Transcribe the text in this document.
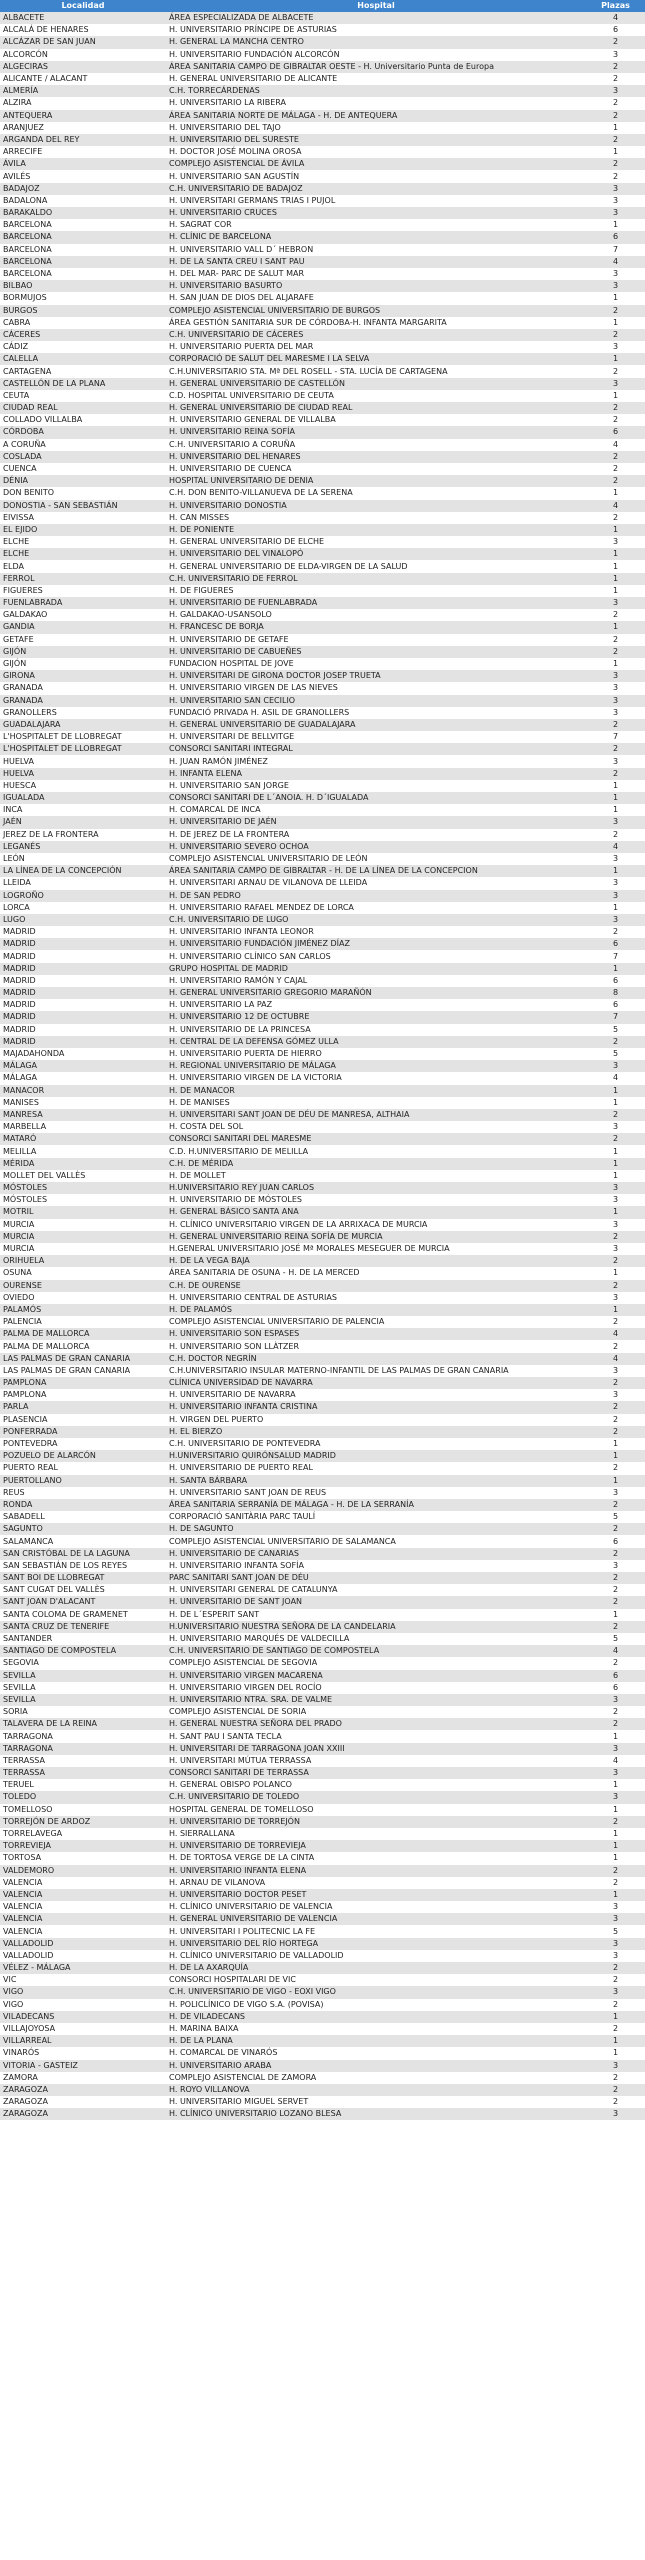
Localidad	Hospital	Plazas
ALBACETE	ÁREA ESPECIALIZADA DE ALBACETE	4
ALCALÁ DE HENARES	H. UNIVERSITARIO PRÍNCIPE DE ASTURIAS	6
ALCÁZAR DE SAN JUAN	H. GENERAL LA MANCHA CENTRO	2
ALCORCÓN	H. UNIVERSITARIO FUNDACIÓN ALCORCÓN	3
ALGECIRAS	ÁREA SANITARIA CAMPO DE GIBRALTAR OESTE - H. Universitario Punta de Europa	2
ALICANTE / ALACANT	H. GENERAL UNIVERSITARIO DE ALICANTE	2
ALMERÍA	C.H. TORRECÁRDENAS	3
ALZIRA	H. UNIVERSITARIO LA RIBERA	2
ANTEQUERA	ÁREA SANITARIA NORTE DE MÁLAGA - H. DE ANTEQUERA	2
ARANJUEZ	H. UNIVERSITARIO DEL TAJO	1
ARGANDA DEL REY	H. UNIVERSITARIO DEL SURESTE	2
ARRECIFE	H. DOCTOR JOSÉ MOLINA OROSA	1
ÁVILA	COMPLEJO ASISTENCIAL DE ÁVILA	2
AVILÉS	H. UNIVERSITARIO SAN AGUSTÍN	2
BADAJOZ	C.H. UNIVERSITARIO DE BADAJOZ	3
BADALONA	H. UNIVERSITARI GERMANS TRIAS I PUJOL	3
BARAKALDO	H. UNIVERSITARIO CRUCES	3
BARCELONA	H. SAGRAT COR	1
BARCELONA	H. CLÍNIC DE BARCELONA	6
BARCELONA	H. UNIVERSITARIO VALL D´ HEBRON	7
BARCELONA	H. DE LA SANTA CREU I SANT PAU	4
BARCELONA	H. DEL MAR- PARC DE SALUT MAR	3
BILBAO	H. UNIVERSITARIO BASURTO	3
BORMUJOS	H. SAN JUAN DE DIOS DEL ALJARAFE	1
BURGOS	COMPLEJO ASISTENCIAL UNIVERSITARIO DE BURGOS	2
CABRA	ÁREA GESTIÓN SANITARIA SUR DE CÓRDOBA-H. INFANTA MARGARITA	1
CÁCERES	C.H. UNIVERSITARIO DE CÁCERES	2
CÁDIZ	H. UNIVERSITARIO PUERTA DEL MAR	3
CALELLA	CORPORACIÓ DE SALUT DEL MARESME I LA SELVA	1
CARTAGENA	C.H.UNIVERSITARIO STA. Mª DEL ROSELL - STA. LUCÍA DE CARTAGENA	2
CASTELLÓN DE LA PLANA	H. GENERAL UNIVERSITARIO DE CASTELLÓN	3
CEUTA	C.D. HOSPITAL UNIVERSITARIO DE CEUTA	1
CIUDAD REAL	H. GENERAL UNIVERSITARIO DE CIUDAD REAL	2
COLLADO VILLALBA	H. UNIVERSITARIO GENERAL DE VILLALBA	2
CÓRDOBA	H. UNIVERSITARIO REINA SOFÍA	6
A CORUÑA	C.H. UNIVERSITARIO A CORUÑA	4
COSLADA	H. UNIVERSITARIO DEL HENARES	2
CUENCA	H. UNIVERSITARIO DE CUENCA	2
DÉNIA	HOSPITAL UNIVERSITARIO DE DENIA	2
DON BENITO	C.H. DON BENITO-VILLANUEVA DE LA SERENA	1
DONOSTIA - SAN SEBASTIÁN	H. UNIVERSITARIO DONOSTIA	4
EIVISSA	H. CAN MISSES	2
EL EJIDO	H. DE PONIENTE	1
ELCHE	H. GENERAL UNIVERSITARIO DE ELCHE	3
ELCHE	H. UNIVERSITARIO DEL VINALOPÓ	1
ELDA	H. GENERAL UNIVERSITARIO DE ELDA-VIRGEN DE LA SALUD	1
FERROL	C.H. UNIVERSITARIO DE FERROL	1
FIGUERES	H. DE FIGUERES	1
FUENLABRADA	H. UNIVERSITARIO DE FUENLABRADA	3
GALDAKAO	H. GALDAKAO-USANSOLO	2
GANDIA	H. FRANCESC DE BORJA	1
GETAFE	H. UNIVERSITARIO DE GETAFE	2
GIJÓN	H. UNIVERSITARIO DE CABUEÑES	2
GIJÓN	FUNDACION HOSPITAL DE JOVE	1
GIRONA	H. UNIVERSITARI DE GIRONA DOCTOR JOSEP TRUETA	3
GRANADA	H. UNIVERSITARIO VIRGEN DE LAS NIEVES	3
GRANADA	H. UNIVERSITARIO SAN CECILIO	3
GRANOLLERS	FUNDACIÓ PRIVADA H. ASIL DE GRANOLLERS	3
GUADALAJARA	H. GENERAL UNIVERSITARIO DE GUADALAJARA	2
L'HOSPITALET DE LLOBREGAT	H. UNIVERSITARI DE BELLVITGE	7
L'HOSPITALET DE LLOBREGAT	CONSORCI SANITARI INTEGRAL	2
HUELVA	H. JUAN RAMÓN JIMÉNEZ	3
HUELVA	H. INFANTA ELENA	2
HUESCA	H. UNIVERSITARIO SAN JORGE	1
IGUALADA	CONSORCI SANITARI DE L´ANOIA. H. D´IGUALADA	1
INCA	H. COMARCAL DE INCA	1
JAÉN	H. UNIVERSITARIO DE JAÉN	3
JEREZ DE LA FRONTERA	H. DE JEREZ DE LA FRONTERA	2
LEGANÉS	H. UNIVERSITARIO SEVERO OCHOA	4
LEÓN	COMPLEJO ASISTENCIAL UNIVERSITARIO DE LEÓN	3
LA LÍNEA DE LA CONCEPCIÓN	ÁREA SANITARIA CAMPO DE GIBRALTAR - H. DE LA LÍNEA DE LA CONCEPCION	1
LLEIDA	H. UNIVERSITARI ARNAU DE VILANOVA DE LLEIDA	3
LOGROÑO	H. DE SAN PEDRO	3
LORCA	H. UNIVERSITARIO RAFAEL MENDEZ DE LORCA	1
LUGO	C.H. UNIVERSITARIO DE LUGO	3
MADRID	H. UNIVERSITARIO INFANTA LEONOR	2
MADRID	H. UNIVERSITARIO FUNDACIÓN JIMÉNEZ DÍAZ	6
MADRID	H. UNIVERSITARIO CLÍNICO SAN CARLOS	7
MADRID	GRUPO HOSPITAL DE MADRID	1
MADRID	H. UNIVERSITARIO RAMÓN Y CAJAL	6
MADRID	H. GENERAL UNIVERSITARIO GREGORIO MARAÑÓN	8
MADRID	H. UNIVERSITARIO LA PAZ	6
MADRID	H. UNIVERSITARIO 12 DE OCTUBRE	7
MADRID	H. UNIVERSITARIO DE LA PRINCESA	5
MADRID	H. CENTRAL DE LA DEFENSA GÓMEZ ULLA	2
MAJADAHONDA	H. UNIVERSITARIO PUERTA DE HIERRO	5
MÁLAGA	H. REGIONAL UNIVERSITARIO DE MÁLAGA	3
MÁLAGA	H. UNIVERSITARIO VIRGEN DE LA VICTORIA	4
MANACOR	H. DE MANACOR	1
MANISES	H. DE MANISES	1
MANRESA	H. UNIVERSITARI SANT JOAN DE DÉU DE MANRESA, ALTHAIA	2
MARBELLA	H. COSTA DEL SOL	3
MATARÓ	CONSORCI SANITARI DEL MARESME	2
MELILLA	C.D. H.UNIVERSITARIO DE MELILLA	1
MÉRIDA	C.H. DE MÉRIDA	1
MOLLET DEL VALLÈS	H. DE MOLLET	1
MÓSTOLES	H.UNIVERSITARIO REY JUAN CARLOS	3
MÓSTOLES	H. UNIVERSITARIO DE MÓSTOLES	3
MOTRIL	H. GENERAL BÁSICO SANTA ANA	1
MURCIA	H. CLÍNICO UNIVERSITARIO VIRGEN DE LA ARRIXACA DE MURCIA	3
MURCIA	H. GENERAL UNIVERSITARIO REINA SOFÍA DE MURCIA	2
MURCIA	H.GENERAL UNIVERSITARIO JOSÉ Mª MORALES MESEGUER DE MURCIA	3
ORIHUELA	H. DE LA VEGA BAJA	2
OSUNA	ÁREA SANITARIA DE OSUNA - H. DE LA MERCED	1
OURENSE	C.H. DE OURENSE	2
OVIEDO	H. UNIVERSITARIO CENTRAL DE ASTURIAS	3
PALAMÓS	H. DE PALAMÓS	1
PALENCIA	COMPLEJO ASISTENCIAL UNIVERSITARIO DE PALENCIA	2
PALMA DE MALLORCA	H. UNIVERSITARIO SON ESPASES	4
PALMA DE MALLORCA	H. UNIVERSITARIO SON LLÀTZER	2
LAS PALMAS DE GRAN CANARIA	C.H. DOCTOR NEGRÍN	4
LAS PALMAS DE GRAN CANARIA	C.H.UNIVERSITARIO INSULAR MATERNO-INFANTIL DE LAS PALMAS DE GRAN CANARIA	3
PAMPLONA	CLÍNICA UNIVERSIDAD DE NAVARRA	2
PAMPLONA	H. UNIVERSITARIO DE NAVARRA	3
PARLA	H. UNIVERSITARIO INFANTA CRISTINA	2
PLASENCIA	H. VIRGEN DEL PUERTO	2
PONFERRADA	H. EL BIERZO	2
PONTEVEDRA	C.H. UNIVERSITARIO DE PONTEVEDRA	1
POZUELO DE ALARCÓN	H.UNIVERSITARIO QUIRÓNSALUD MADRID	1
PUERTO REAL	H. UNIVERSITARIO DE PUERTO REAL	2
PUERTOLLANO	H. SANTA BÁRBARA	1
REUS	H. UNIVERSITARIO SANT JOAN DE REUS	3
RONDA	ÁREA SANITARIA SERRANÍA DE MÁLAGA - H. DE LA SERRANÍA	2
SABADELL	CORPORACIÓ SANITÀRIA PARC TAULÍ	5
SAGUNTO	H. DE SAGUNTO	2
SALAMANCA	COMPLEJO ASISTENCIAL UNIVERSITARIO DE SALAMANCA	6
SAN CRISTÓBAL DE LA LAGUNA	H. UNIVERSITARIO DE CANARIAS	2
SAN SEBASTIÁN DE LOS REYES	H. UNIVERSITARIO INFANTA SOFÍA	3
SANT BOI DE LLOBREGAT	PARC SANITARI SANT JOAN DE DÉU	2
SANT CUGAT DEL VALLÈS	H. UNIVERSITARI GENERAL DE CATALUNYA	2
SANT JOAN D'ALACANT	H. UNIVERSITARIO DE SANT JOAN	2
SANTA COLOMA DE GRAMENET	H. DE L´ESPERIT SANT	1
SANTA CRUZ DE TENERIFE	H.UNIVERSITARIO NUESTRA SEÑORA DE LA CANDELARIA	2
SANTANDER	H. UNIVERSITARIO MARQUÉS DE VALDECILLA	5
SANTIAGO DE COMPOSTELA	C.H. UNIVERSITARIO DE SANTIAGO DE COMPOSTELA	4
SEGOVIA	COMPLEJO ASISTENCIAL DE SEGOVIA	2
SEVILLA	H. UNIVERSITARIO VIRGEN MACARENA	6
SEVILLA	H. UNIVERSITARIO VIRGEN DEL ROCÍO	6
SEVILLA	H. UNIVERSITARIO NTRA. SRA. DE VALME	3
SORIA	COMPLEJO ASISTENCIAL DE SORIA	2
TALAVERA DE LA REINA	H. GENERAL NUESTRA SEÑORA DEL PRADO	2
TARRAGONA	H. SANT PAU I SANTA TECLA	1
TARRAGONA	H. UNIVERSITARI DE TARRAGONA JOAN XXIII	3
TERRASSA	H. UNIVERSITARI MÚTUA TERRASSA	4
TERRASSA	CONSORCI SANITARI DE TERRASSA	3
TERUEL	H. GENERAL OBISPO POLANCO	1
TOLEDO	C.H. UNIVERSITARIO DE TOLEDO	3
TOMELLOSO	HOSPITAL GENERAL DE TOMELLOSO	1
TORREJÓN DE ARDOZ	H. UNIVERSITARIO DE TORREJÓN	2
TORRELAVEGA	H. SIERRALLANA	1
TORREVIEJA	H. UNIVERSITARIO DE TORREVIEJA	1
TORTOSA	H. DE TORTOSA VERGE DE LA CINTA	1
VALDEMORO	H. UNIVERSITARIO INFANTA ELENA	2
VALENCIA	H. ARNAU DE VILANOVA	2
VALENCIA	H. UNIVERSITARIO DOCTOR PESET	1
VALENCIA	H. CLÍNICO UNIVERSITARIO DE VALENCIA	3
VALENCIA	H. GENERAL UNIVERSITARIO DE VALENCIA	3
VALENCIA	H. UNIVERSITARI I POLITECNIC LA FE	5
VALLADOLID	H. UNIVERSITARIO DEL RÍO HORTEGA	3
VALLADOLID	H. CLÍNICO UNIVERSITARIO DE VALLADOLID	3
VÉLEZ - MÁLAGA	H. DE LA AXARQUÍA	2
VIC	CONSORCI HOSPITALARI DE VIC	2
VIGO	C.H. UNIVERSITARIO DE VIGO - EOXI VIGO	3
VIGO	H. POLICLÍNICO DE VIGO S.A. (POVISA)	2
VILADECANS	H. DE VILADECANS	1
VILLAJOYOSA	H. MARINA BAIXA	2
VILLARREAL	H. DE LA PLANA	1
VINARÓS	H. COMARCAL DE VINARÓS	1
VITORIA - GASTEIZ	H. UNIVERSITARIO ARABA	3
ZAMORA	COMPLEJO ASISTENCIAL DE ZAMORA	2
ZARAGOZA	H. ROYO VILLANOVA	2
ZARAGOZA	H. UNIVERSITARIO MIGUEL SERVET	2
ZARAGOZA	H. CLÍNICO UNIVERSITARIO LOZANO BLESA	3
